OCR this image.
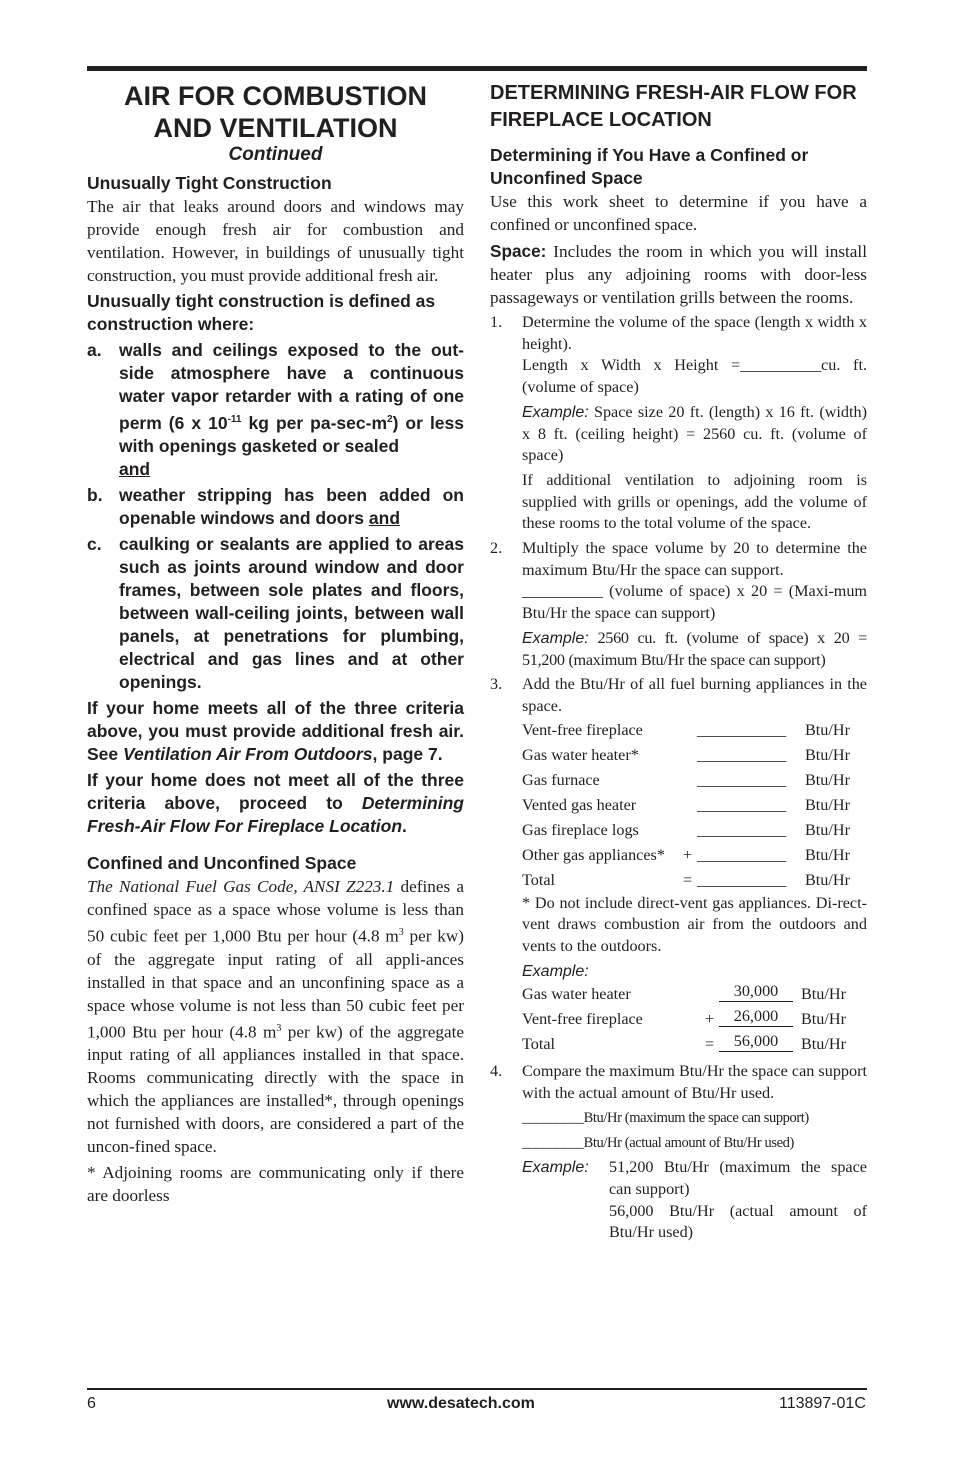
AIR FOR COMBUSTION
AND VENTILATION
Continued
Unusually Tight Construction

The air that leaks around doors and windows may provide enough fresh air for combustion and ventilation. However, in buildings of unusually tight construction, you must provide additional fresh air.

Unusually tight construction is defined as construction where:

a. walls and ceilings exposed to the out-side atmosphere have a continuous water vapor retarder with a rating of one perm (6 x $10^{-11}$ kg per $pa-\sec-m^2$) or less with openings gasketed or sealed
and
b. weather stripping has been added on openable windows and doors and
c. caulking or sealants are applied to areas such as joints around window and door frames, between sole plates and floors, between wall-ceiling joints, between wall panels, at penetrations for plumbing, electrical and gas lines and at other openings.

If your home meets all of the three criteria above, you must provide additional fresh air. See Ventilation Air From Outdoors, page 7.

If your home does not meet all of the three criteria above, proceed to Determining Fresh-Air Flow For Fireplace Location.

Confined and Unconfined Space

The National Fuel Gas Code, ANSI Z223.1 defines a confined space as a space whose volume is less than 50 cubic feet per 1,000 Btu per hour (4.8 $m^3$ per kw) of the aggregate input rating of all appli-ances installed in that space and an unconfining space as a space whose volume is not less than 50 cubic feet per 1,000 Btu per hour (4.8 $m^3$ per kw) of the aggregate input rating of all appliances installed in that space. Rooms communicating directly with the space in which the appliances are installed*, through openings not furnished with doors, are considered a part of the uncon-fined space.

* Adjoining rooms are communicating only if there are doorless

DETERMINING FRESH-AIR FLOW FOR FIREPLACE LOCATION
Determining if You Have a Confined or Unconfined Space

Use this work sheet to determine if you have a confined or unconfined space.

Space: Includes the room in which you will install heater plus any adjoining rooms with door-less passageways or ventilation grills between the rooms.

1.	Determine the volume of the space (length x width x height).
Length x Width x Height =__________cu. ft. (volume of space)
Example: Space size 20 ft. (length) x 16 ft. (width) x 8 ft. (ceiling height) = 2560 cu. ft. (volume of space)
If additional ventilation to adjoining room is supplied with grills or openings, add the volume of these rooms to the total volume of the space.
2.	Multiply the space volume by 20 to determine the maximum Btu/Hr the space can support.
__________ (volume of space) x 20 = (Maxi-mum Btu/Hr the space can support)
Example: 2560 cu. ft. (volume of space) x 20 = 51,200 (maximum Btu/Hr the space can support)
3.	Add the Btu/Hr of all fuel burning appliances in the space.
Vent-free fireplace	___________	Btu/Hr
Gas water heater*	___________	Btu/Hr
Gas furnace	___________	Btu/Hr
Vented gas heater	___________	Btu/Hr
Gas fireplace logs	___________	Btu/Hr
Other gas appliances*	+ ___________	Btu/Hr
Total	= ___________	Btu/Hr
* Do not include direct-vent gas appliances. Di-rect-vent draws combustion air from the outdoors and vents to the outdoors.
Example:
Gas water heater	30,000	Btu/Hr
Vent-free fireplace	+	26,000	Btu/Hr
Total	=	56,000	Btu/Hr
4.	Compare the maximum Btu/Hr the space can support with the actual amount of Btu/Hr used.
_________Btu/Hr (maximum the space can support)
_________Btu/Hr (actual amount of Btu/Hr used)
Example:	51,200 Btu/Hr (maximum the space can support)
56,000 Btu/Hr (actual amount of Btu/Hr used)
6	www.desatech.com	113897-01C
